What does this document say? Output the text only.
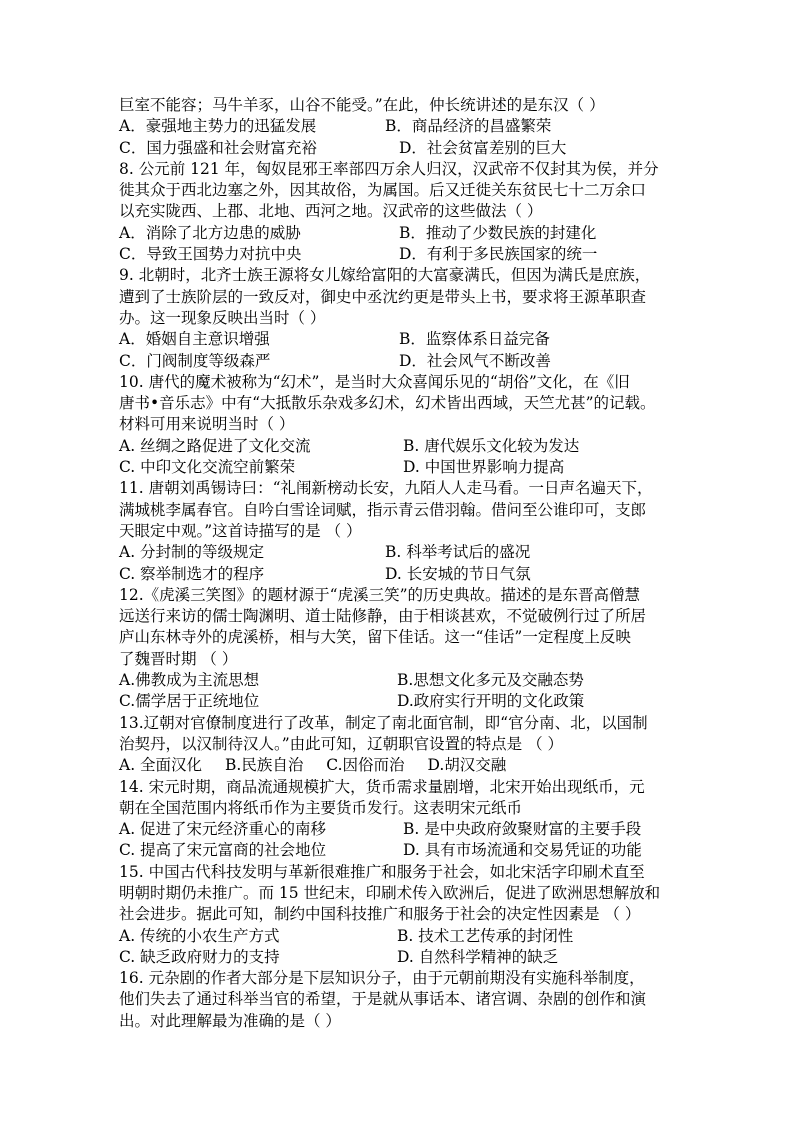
巨室不能容；马牛羊豕，山谷不能受。”在此，仲长统讲述的是东汉（ ）
A．豪强地主势力的迅猛发展	B．商品经济的昌盛繁荣
C．国力强盛和社会财富充裕	D．社会贫富差别的巨大
8. 公元前 121 年，匈奴昆邪王率部四万余人归汉，汉武帝不仅封其为侯，并分
徙其众于西北边塞之外，因其故俗，为属国。后又迁徙关东贫民七十二万余口
以充实陇西、上郡、北地、西河之地。汉武帝的这些做法（ ）
A．消除了北方边患的威胁	B．推动了少数民族的封建化
C．导致王国势力对抗中央	D．有利于多民族国家的统一
9. 北朝时，北齐士族王源将女儿嫁给富阳的大富豪满氏，但因为满氏是庶族，
遭到了士族阶层的一致反对，御史中丞沈约更是带头上书，要求将王源革职查
办。这一现象反映出当时（ ）
A．婚姻自主意识增强	B．监察体系日益完备
C．门阀制度等级森严	D．社会风气不断改善
10. 唐代的魔术被称为“幻术”，是当时大众喜闻乐见的“胡俗”文化，在《旧
唐书•音乐志》中有“大抵散乐杂戏多幻术，幻术皆出西域，天竺尤甚”的记载。
材料可用来说明当时（ ）
A. 丝绸之路促进了文化交流	B. 唐代娱乐文化较为发达
C. 中印文化交流空前繁荣	D. 中国世界影响力提高
11. 唐朝刘禹锡诗曰：“礼闱新榜动长安，九陌人人走马看。一日声名遍天下，
满城桃李属春官。自吟白雪诠词赋，指示青云借羽翰。借问至公谁印可，支郎
天眼定中观。”这首诗描写的是 （ ）
A. 分封制的等级规定	B. 科举考试后的盛况
C. 察举制选才的程序	D. 长安城的节日气氛
12.《虎溪三笑图》的题材源于“虎溪三笑”的历史典故。描述的是东晋高僧慧
远送行来访的儒士陶渊明、道士陆修静，由于相谈甚欢，不觉破例行过了所居
庐山东林寺外的虎溪桥，相与大笑，留下佳话。这一“佳话”一定程度上反映
了魏晋时期 （ ）
A.佛教成为主流思想	B.思想文化多元及交融态势
C.儒学居于正统地位	D.政府实行开明的文化政策
13.辽朝对官僚制度进行了改革，制定了南北面官制，即“官分南、北，以国制
治契丹，以汉制待汉人。”由此可知，辽朝职官设置的特点是 （ ）
A. 全面汉化 B.民族自治 C.因俗而治 D.胡汉交融
14. 宋元时期，商品流通规模扩大，货币需求量剧增，北宋开始出现纸币，元
朝在全国范围内将纸币作为主要货币发行。这表明宋元纸币
A. 促进了宋元经济重心的南移	B. 是中央政府敛聚财富的主要手段
C. 提高了宋元富商的社会地位	D. 具有市场流通和交易凭证的功能
15. 中国古代科技发明与革新很难推广和服务于社会，如北宋活字印刷术直至
明朝时期仍未推广。而 15 世纪末，印刷术传入欧洲后，促进了欧洲思想解放和
社会进步。据此可知，制约中国科技推广和服务于社会的决定性因素是 （ ）
A. 传统的小农生产方式	B. 技术工艺传承的封闭性
C. 缺乏政府财力的支持	D. 自然科学精神的缺乏
16. 元杂剧的作者大部分是下层知识分子，由于元朝前期没有实施科举制度，
他们失去了通过科举当官的希望，于是就从事话本、诸宫调、杂剧的创作和演
出。对此理解最为准确的是（ ）
